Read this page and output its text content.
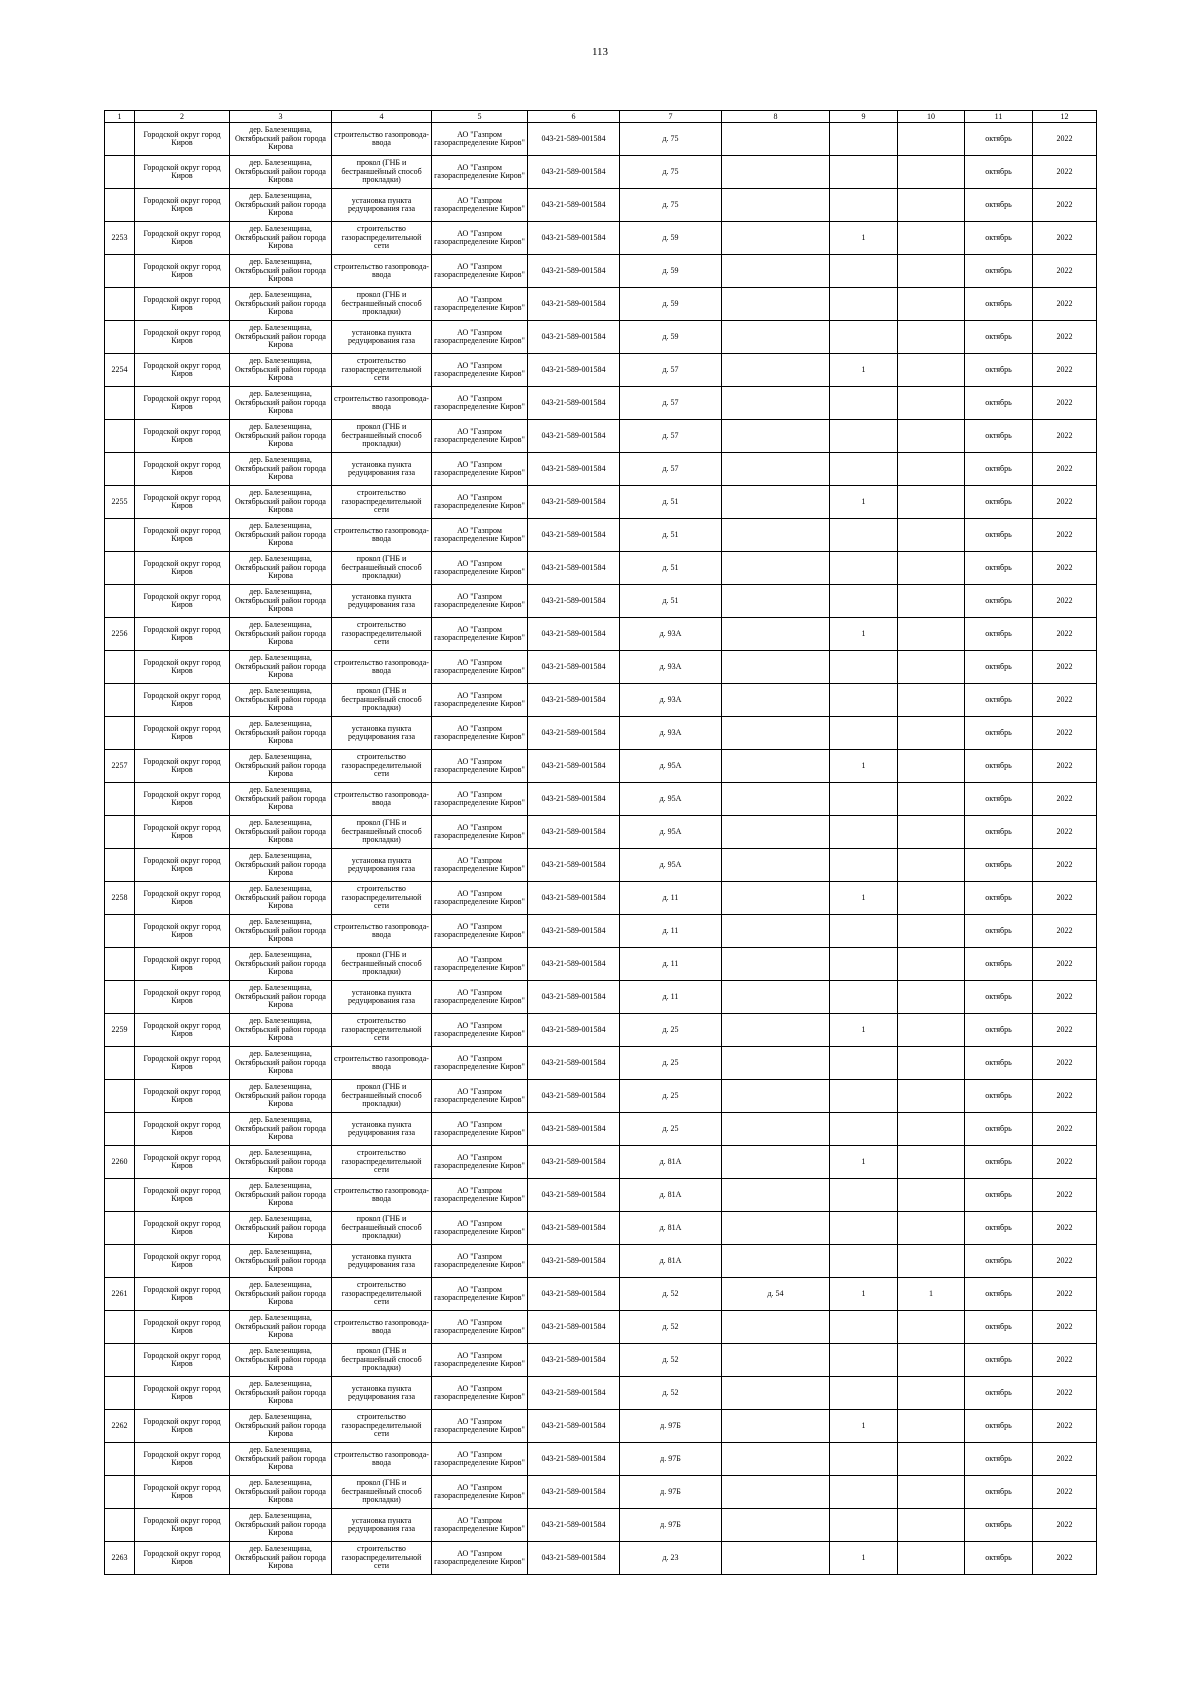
113
1	2	3	4	5	6	7	8	9	10	11	12

	Городской округ город Киров	дер. Балезенщина, Октябрьский район города Кирова	строительство газопровода-ввода	АО "Газпром газораспределение Киров"	043-21-589-001584	д. 75				октябрь	2022

	Городской округ город Киров	дер. Балезенщина, Октябрьский район города Кирова	прокол (ГНБ и бестраншейный способ прокладки)	АО "Газпром газораспределение Киров"	043-21-589-001584	д. 75				октябрь	2022

	Городской округ город Киров	дер. Балезенщина, Октябрьский район города Кирова	установка пункта редуцирования газа	АО "Газпром газораспределение Киров"	043-21-589-001584	д. 75				октябрь	2022

2253	Городской округ город Киров	дер. Балезенщина, Октябрьский район города Кирова	строительство газораспределительной сети	АО "Газпром газораспределение Киров"	043-21-589-001584	д. 59		1		октябрь	2022

	Городской округ город Киров	дер. Балезенщина, Октябрьский район города Кирова	строительство газопровода-ввода	АО "Газпром газораспределение Киров"	043-21-589-001584	д. 59				октябрь	2022

	Городской округ город Киров	дер. Балезенщина, Октябрьский район города Кирова	прокол (ГНБ и бестраншейный способ прокладки)	АО "Газпром газораспределение Киров"	043-21-589-001584	д. 59				октябрь	2022

	Городской округ город Киров	дер. Балезенщина, Октябрьский район города Кирова	установка пункта редуцирования газа	АО "Газпром газораспределение Киров"	043-21-589-001584	д. 59				октябрь	2022

2254	Городской округ город Киров	дер. Балезенщина, Октябрьский район города Кирова	строительство газораспределительной сети	АО "Газпром газораспределение Киров"	043-21-589-001584	д. 57		1		октябрь	2022

	Городской округ город Киров	дер. Балезенщина, Октябрьский район города Кирова	строительство газопровода-ввода	АО "Газпром газораспределение Киров"	043-21-589-001584	д. 57				октябрь	2022

	Городской округ город Киров	дер. Балезенщина, Октябрьский район города Кирова	прокол (ГНБ и бестраншейный способ прокладки)	АО "Газпром газораспределение Киров"	043-21-589-001584	д. 57				октябрь	2022

	Городской округ город Киров	дер. Балезенщина, Октябрьский район города Кирова	установка пункта редуцирования газа	АО "Газпром газораспределение Киров"	043-21-589-001584	д. 57				октябрь	2022

2255	Городской округ город Киров	дер. Балезенщина, Октябрьский район города Кирова	строительство газораспределительной сети	АО "Газпром газораспределение Киров"	043-21-589-001584	д. 51		1		октябрь	2022

	Городской округ город Киров	дер. Балезенщина, Октябрьский район города Кирова	строительство газопровода-ввода	АО "Газпром газораспределение Киров"	043-21-589-001584	д. 51				октябрь	2022

	Городской округ город Киров	дер. Балезенщина, Октябрьский район города Кирова	прокол (ГНБ и бестраншейный способ прокладки)	АО "Газпром газораспределение Киров"	043-21-589-001584	д. 51				октябрь	2022

	Городской округ город Киров	дер. Балезенщина, Октябрьский район города Кирова	установка пункта редуцирования газа	АО "Газпром газораспределение Киров"	043-21-589-001584	д. 51				октябрь	2022

2256	Городской округ город Киров	дер. Балезенщина, Октябрьский район города Кирова	строительство газораспределительной сети	АО "Газпром газораспределение Киров"	043-21-589-001584	д. 93А		1		октябрь	2022

	Городской округ город Киров	дер. Балезенщина, Октябрьский район города Кирова	строительство газопровода-ввода	АО "Газпром газораспределение Киров"	043-21-589-001584	д. 93А				октябрь	2022

	Городской округ город Киров	дер. Балезенщина, Октябрьский район города Кирова	прокол (ГНБ и бестраншейный способ прокладки)	АО "Газпром газораспределение Киров"	043-21-589-001584	д. 93А				октябрь	2022

	Городской округ город Киров	дер. Балезенщина, Октябрьский район города Кирова	установка пункта редуцирования газа	АО "Газпром газораспределение Киров"	043-21-589-001584	д. 93А				октябрь	2022

2257	Городской округ город Киров	дер. Балезенщина, Октябрьский район города Кирова	строительство газораспределительной сети	АО "Газпром газораспределение Киров"	043-21-589-001584	д. 95А		1		октябрь	2022

	Городской округ город Киров	дер. Балезенщина, Октябрьский район города Кирова	строительство газопровода-ввода	АО "Газпром газораспределение Киров"	043-21-589-001584	д. 95А				октябрь	2022

	Городской округ город Киров	дер. Балезенщина, Октябрьский район города Кирова	прокол (ГНБ и бестраншейный способ прокладки)	АО "Газпром газораспределение Киров"	043-21-589-001584	д. 95А				октябрь	2022

	Городской округ город Киров	дер. Балезенщина, Октябрьский район города Кирова	установка пункта редуцирования газа	АО "Газпром газораспределение Киров"	043-21-589-001584	д. 95А				октябрь	2022

2258	Городской округ город Киров	дер. Балезенщина, Октябрьский район города Кирова	строительство газораспределительной сети	АО "Газпром газораспределение Киров"	043-21-589-001584	д. 11		1		октябрь	2022

	Городской округ город Киров	дер. Балезенщина, Октябрьский район города Кирова	строительство газопровода-ввода	АО "Газпром газораспределение Киров"	043-21-589-001584	д. 11				октябрь	2022

	Городской округ город Киров	дер. Балезенщина, Октябрьский район города Кирова	прокол (ГНБ и бестраншейный способ прокладки)	АО "Газпром газораспределение Киров"	043-21-589-001584	д. 11				октябрь	2022

	Городской округ город Киров	дер. Балезенщина, Октябрьский район города Кирова	установка пункта редуцирования газа	АО "Газпром газораспределение Киров"	043-21-589-001584	д. 11				октябрь	2022

2259	Городской округ город Киров	дер. Балезенщина, Октябрьский район города Кирова	строительство газораспределительной сети	АО "Газпром газораспределение Киров"	043-21-589-001584	д. 25		1		октябрь	2022

	Городской округ город Киров	дер. Балезенщина, Октябрьский район города Кирова	строительство газопровода-ввода	АО "Газпром газораспределение Киров"	043-21-589-001584	д. 25				октябрь	2022

	Городской округ город Киров	дер. Балезенщина, Октябрьский район города Кирова	прокол (ГНБ и бестраншейный способ прокладки)	АО "Газпром газораспределение Киров"	043-21-589-001584	д. 25				октябрь	2022

	Городской округ город Киров	дер. Балезенщина, Октябрьский район города Кирова	установка пункта редуцирования газа	АО "Газпром газораспределение Киров"	043-21-589-001584	д. 25				октябрь	2022

2260	Городской округ город Киров	дер. Балезенщина, Октябрьский район города Кирова	строительство газораспределительной сети	АО "Газпром газораспределение Киров"	043-21-589-001584	д. 81А		1		октябрь	2022

	Городской округ город Киров	дер. Балезенщина, Октябрьский район города Кирова	строительство газопровода-ввода	АО "Газпром газораспределение Киров"	043-21-589-001584	д. 81А				октябрь	2022

	Городской округ город Киров	дер. Балезенщина, Октябрьский район города Кирова	прокол (ГНБ и бестраншейный способ прокладки)	АО "Газпром газораспределение Киров"	043-21-589-001584	д. 81А				октябрь	2022

	Городской округ город Киров	дер. Балезенщина, Октябрьский район города Кирова	установка пункта редуцирования газа	АО "Газпром газораспределение Киров"	043-21-589-001584	д. 81А				октябрь	2022

2261	Городской округ город Киров	дер. Балезенщина, Октябрьский район города Кирова	строительство газораспределительной сети	АО "Газпром газораспределение Киров"	043-21-589-001584	д. 52	д. 54	1	1	октябрь	2022

	Городской округ город Киров	дер. Балезенщина, Октябрьский район города Кирова	строительство газопровода-ввода	АО "Газпром газораспределение Киров"	043-21-589-001584	д. 52				октябрь	2022

	Городской округ город Киров	дер. Балезенщина, Октябрьский район города Кирова	прокол (ГНБ и бестраншейный способ прокладки)	АО "Газпром газораспределение Киров"	043-21-589-001584	д. 52				октябрь	2022

	Городской округ город Киров	дер. Балезенщина, Октябрьский район города Кирова	установка пункта редуцирования газа	АО "Газпром газораспределение Киров"	043-21-589-001584	д. 52				октябрь	2022

2262	Городской округ город Киров	дер. Балезенщина, Октябрьский район города Кирова	строительство газораспределительной сети	АО "Газпром газораспределение Киров"	043-21-589-001584	д. 97Б		1		октябрь	2022

	Городской округ город Киров	дер. Балезенщина, Октябрьский район города Кирова	строительство газопровода-ввода	АО "Газпром газораспределение Киров"	043-21-589-001584	д. 97Б				октябрь	2022

	Городской округ город Киров	дер. Балезенщина, Октябрьский район города Кирова	прокол (ГНБ и бестраншейный способ прокладки)	АО "Газпром газораспределение Киров"	043-21-589-001584	д. 97Б				октябрь	2022

	Городской округ город Киров	дер. Балезенщина, Октябрьский район города Кирова	установка пункта редуцирования газа	АО "Газпром газораспределение Киров"	043-21-589-001584	д. 97Б				октябрь	2022

2263	Городской округ город Киров	дер. Балезенщина, Октябрьский район города Кирова	строительство газораспределительной сети	АО "Газпром газораспределение Киров"	043-21-589-001584	д. 23		1		октябрь	2022
